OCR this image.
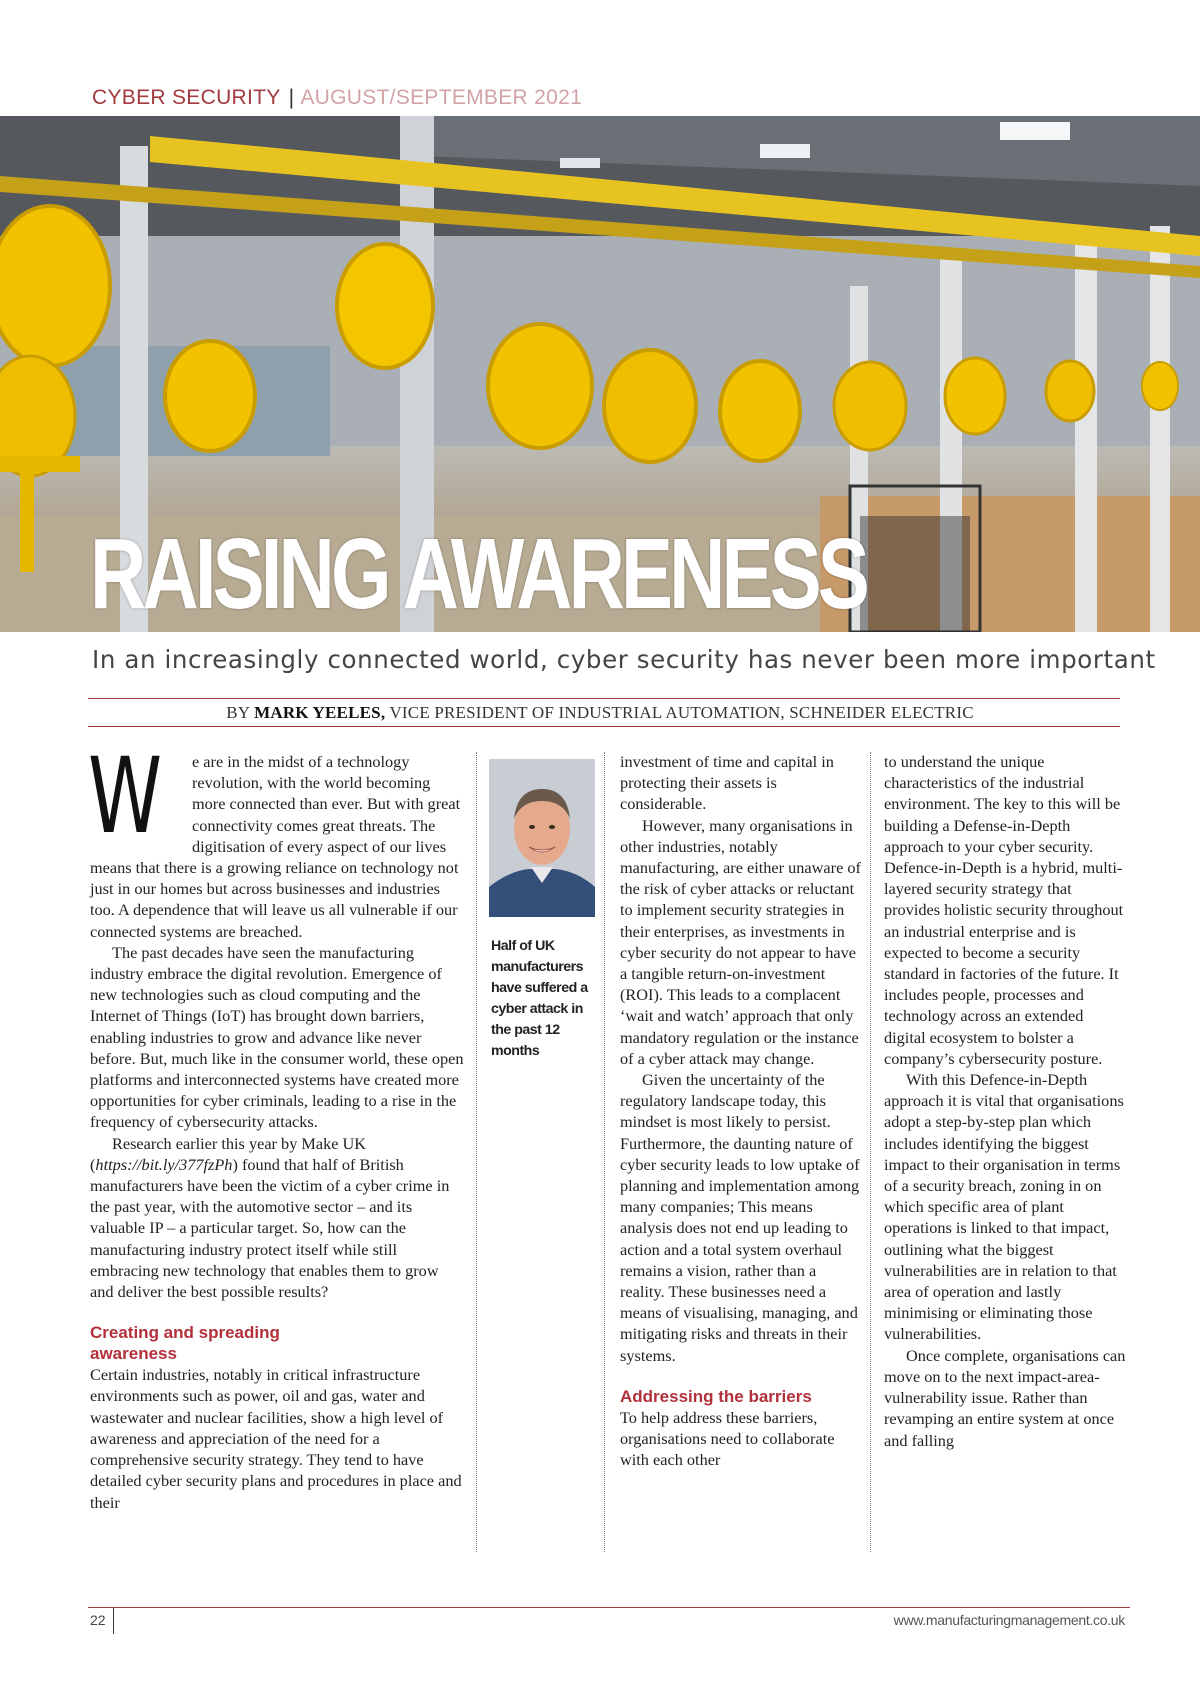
CYBER SECURITY | AUGUST/SEPTEMBER 2021
RAISING AWARENESS
In an increasingly connected world, cyber security has never been more important
BY MARK YEELES, VICE PRESIDENT OF INDUSTRIAL AUTOMATION, SCHNEIDER ELECTRIC

W e are in the midst of a technology revolution, with the world becoming more connected than ever. But with great connectivity comes great threats. The digitisation of every aspect of our lives means that there is a growing reliance on technology not just in our homes but across businesses and industries too. A dependence that will leave us all vulnerable if our connected systems are breached.

The past decades have seen the manufacturing industry embrace the digital revolution. Emergence of new technologies such as cloud computing and the Internet of Things (IoT) has brought down barriers, enabling industries to grow and advance like never before. But, much like in the consumer world, these open platforms and interconnected systems have created more opportunities for cyber criminals, leading to a rise in the frequency of cybersecurity attacks.

Research earlier this year by Make UK (https://bit.ly/377fzPh) found that half of British manufacturers have been the victim of a cyber crime in the past year, with the automotive sector – and its valuable IP – a particular target. So, how can the manufacturing industry protect itself while still embracing new technology that enables them to grow and deliver the best possible results?

Creating and spreading awareness

Certain industries, notably in critical infrastructure environments such as power, oil and gas, water and wastewater and nuclear facilities, show a high level of awareness and appreciation of the need for a comprehensive security strategy. They tend to have detailed cyber security plans and procedures in place and their

Half of UK manufacturers have suffered a cyber attack in the past 12 months

investment of time and capital in protecting their assets is considerable.

However, many organisations in other industries, notably manufacturing, are either unaware of the risk of cyber attacks or reluctant to implement security strategies in their enterprises, as investments in cyber security do not appear to have a tangible return-on-investment (ROI). This leads to a complacent ‘wait and watch’ approach that only mandatory regulation or the instance of a cyber attack may change.

Given the uncertainty of the regulatory landscape today, this mindset is most likely to persist. Furthermore, the daunting nature of cyber security leads to low uptake of planning and implementation among many companies; This means analysis does not end up leading to action and a total system overhaul remains a vision, rather than a reality. These businesses need a means of visualising, managing, and mitigating risks and threats in their systems.

Addressing the barriers

To help address these barriers, organisations need to collaborate with each other

to understand the unique characteristics of the industrial environment. The key to this will be building a Defense-in-Depth approach to your cyber security. Defence-in-Depth is a hybrid, multi-layered security strategy that provides holistic security throughout an industrial enterprise and is expected to become a security standard in factories of the future. It includes people, processes and technology across an extended digital ecosystem to bolster a company’s cybersecurity posture.

With this Defence-in-Depth approach it is vital that organisations adopt a step-by-step plan which includes identifying the biggest impact to their organisation in terms of a security breach, zoning in on which specific area of plant operations is linked to that impact, outlining what the biggest vulnerabilities are in relation to that area of operation and lastly minimising or eliminating those vulnerabilities.

Once complete, organisations can move on to the next impact-area-vulnerability issue. Rather than revamping an entire system at once and falling

22	www.manufacturingmanagement.co.uk
